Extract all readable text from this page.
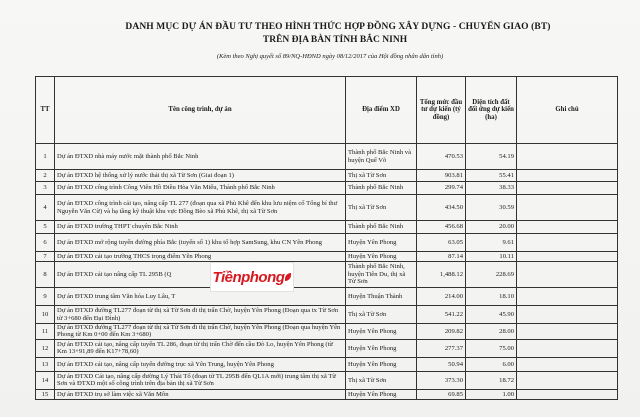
DANH MỤC DỰ ÁN ĐẦU TƯ THEO HÌNH THỨC HỢP ĐỒNG XÂY DỰNG - CHUYỂN GIAO (BT)
TRÊN ĐỊA BÀN TỈNH BẮC NINH
(Kèm theo Nghị quyết số 89/NQ-HĐND ngày 08/12/2017 của Hội đồng nhân dân tỉnh)
TT	Tên công trình, dự án	Địa điểm XD	Tổng mức đầu tư dự kiến (tỷ đồng)	Diện tích đất đối ứng dự kiến (ha)	Ghi chú
1	Dự án ĐTXD nhà máy nước mặt thành phố Bắc Ninh	Thành phố Bắc Ninh và huyện Quế Võ	470.53	54.19	
2	Dự án ĐTXD hệ thống xử lý nước thải thị xã Từ Sơn (Giai đoạn 1)	Thị xã Từ Sơn	903.81	55.41	
3	Dự án ĐTXD công trình Công Viên Hồ Điều Hòa Văn Miếu, Thành phố Bắc Ninh	Thành phố Bắc Ninh	299.74	38.33	
4	Dự án ĐTXD công trình cải tạo, nâng cấp TL 277 (đoạn qua xã Phù Khê đến khu lưu niệm cố Tổng bí thư Nguyễn Văn Cừ) và hạ tầng kỹ thuật khu vực Đồng Bèo xã Phù Khê, thị xã Từ Sơn	Thị xã Từ Sơn	434.50	30.59	
5	Dự án ĐTXD trường THPT chuyên Bắc Ninh	Thành phố Bắc Ninh	456.68	20.00	
6	Dự án ĐTXD mở rộng tuyến đường phía Bắc (tuyến số 1) khu tổ hợp SamSung, khu CN Yên Phong	Huyện Yên Phong	63.05	9.61	
7	Dự án ĐTXD cải tạo trường THCS trọng điểm Yên Phong	Huyện Yên Phong	87.14	10.11	
8	Dự án ĐTXD cải tạo nâng cấp TL 295B (Q	Thành phố Bắc Ninh, huyện Tiên Du, thị xã Từ Sơn	1,488.12	228.69	
9	Dự án ĐTXD trung tâm Văn hóa Luy Lâu, T	Huyện Thuận Thành	214.00	18.10	
10	Dự án ĐTXD đường TL277 đoạn từ thị xã Từ Sơn đi thị trấn Chờ, huyện Yên Phong (Đoạn qua tx Từ Sơn từ 3+680 đến Đại Đình)	Thị xã Từ Sơn	541.22	45.90	
11	Dự án ĐTXD đường TL277 đoạn từ thị xã Từ Sơn đi thị trấn Chờ, huyện Yên Phong (Đoạn qua huyện Yên Phong từ Km 0+00 đến Km 3+680)	Huyện Yên Phong	209.82	28.00	
12	Dự án ĐTXD cải tạo, nâng cấp tuyến TL 286, đoạn từ thị trấn Chờ đến cầu Đò Lo, huyện Yên Phong (từ Km 13+91,89 đến K17+78,60)	Huyện Yên Phong	277.37	75.00	
13	Dự án ĐTXD cải tạo, nâng cấp tuyến đường trục xã Yên Trung, huyện Yên Phong	Huyện Yên Phong	50.94	6.00	
14	Dự án ĐTXD Cải tạo, nâng cấp đường Lý Thái Tổ (đoạn từ TL 295B đến QL1A mới) trung tâm thị xã Từ Sơn và ĐTXD một số công trình trên địa bàn thị xã Từ Sơn	Thị xã Từ Sơn	373.30	18.72	
15	Dự án ĐTXD trụ sở làm việc xã Văn Môn	Huyện Yên Phong	69.85	1.00	
Tiềnphong
